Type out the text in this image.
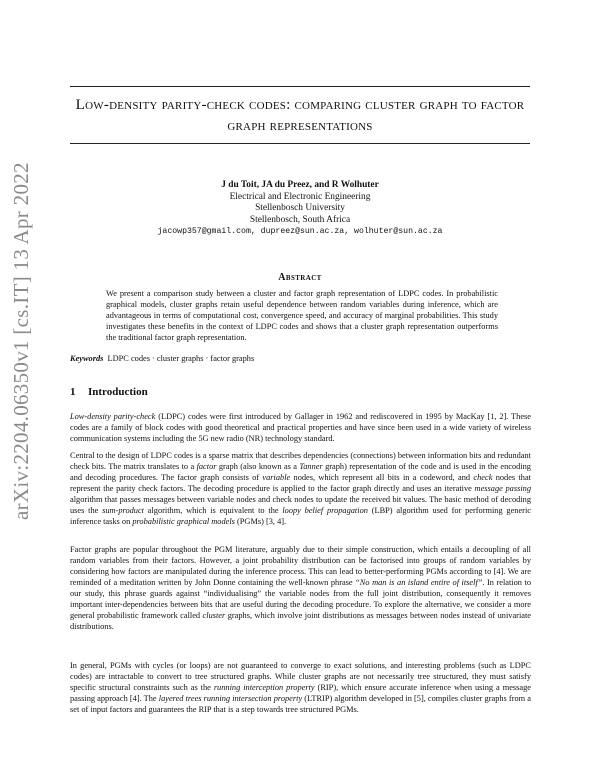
arXiv:2204.06350v1 [cs.IT] 13 Apr 2022
Low-density parity-check codes: comparing cluster graph to factor graph representations
J du Toit, JA du Preez, and R Wolhuter
Electrical and Electronic Engineering
Stellenbosch University
Stellenbosch, South Africa
jacowp357@gmail.com, dupreez@sun.ac.za, wolhuter@sun.ac.za
Abstract
We present a comparison study between a cluster and factor graph representation of LDPC codes. In probabilistic graphical models, cluster graphs retain useful dependence between random variables during inference, which are advantageous in terms of computational cost, convergence speed, and accuracy of marginal probabilities. This study investigates these benefits in the context of LDPC codes and shows that a cluster graph representation outperforms the traditional factor graph representation.
Keywords LDPC codes · cluster graphs · factor graphs
1 Introduction

Low-density parity-check (LDPC) codes were first introduced by Gallager in 1962 and rediscovered in 1995 by MacKay [1, 2]. These codes are a family of block codes with good theoretical and practical properties and have since been used in a wide variety of wireless communication systems including the 5G new radio (NR) technology standard.

Central to the design of LDPC codes is a sparse matrix that describes dependencies (connections) between information bits and redundant check bits. The matrix translates to a factor graph (also known as a Tanner graph) representation of the code and is used in the encoding and decoding procedures. The factor graph consists of variable nodes, which represent all bits in a codeword, and check nodes that represent the parity check factors. The decoding procedure is applied to the factor graph directly and uses an iterative message passing algorithm that passes messages between variable nodes and check nodes to update the received bit values. The basic method of decoding uses the sum-product algorithm, which is equivalent to the loopy belief propagation (LBP) algorithm used for performing generic inference tasks on probabilistic graphical models (PGMs) [3, 4].

Factor graphs are popular throughout the PGM literature, arguably due to their simple construction, which entails a decoupling of all random variables from their factors. However, a joint probability distribution can be factorised into groups of random variables by considering how factors are manipulated during the inference process. This can lead to better-performing PGMs according to [4]. We are reminded of a meditation written by John Donne containing the well-known phrase “No man is an island entire of itself”. In relation to our study, this phrase guards against “individualising” the variable nodes from the full joint distribution, consequently it removes important inter-dependencies between bits that are useful during the decoding procedure. To explore the alternative, we consider a more general probabilistic framework called cluster graphs, which involve joint distributions as messages between nodes instead of univariate distributions.

In general, PGMs with cycles (or loops) are not guaranteed to converge to exact solutions, and interesting problems (such as LDPC codes) are intractable to convert to tree structured graphs. While cluster graphs are not necessarily tree structured, they must satisfy specific structural constraints such as the running interception property (RIP), which ensure accurate inference when using a message passing approach [4]. The layered trees running intersection property (LTRIP) algorithm developed in [5], compiles cluster graphs from a set of input factors and guarantees the RIP that is a step towards tree structured PGMs.
